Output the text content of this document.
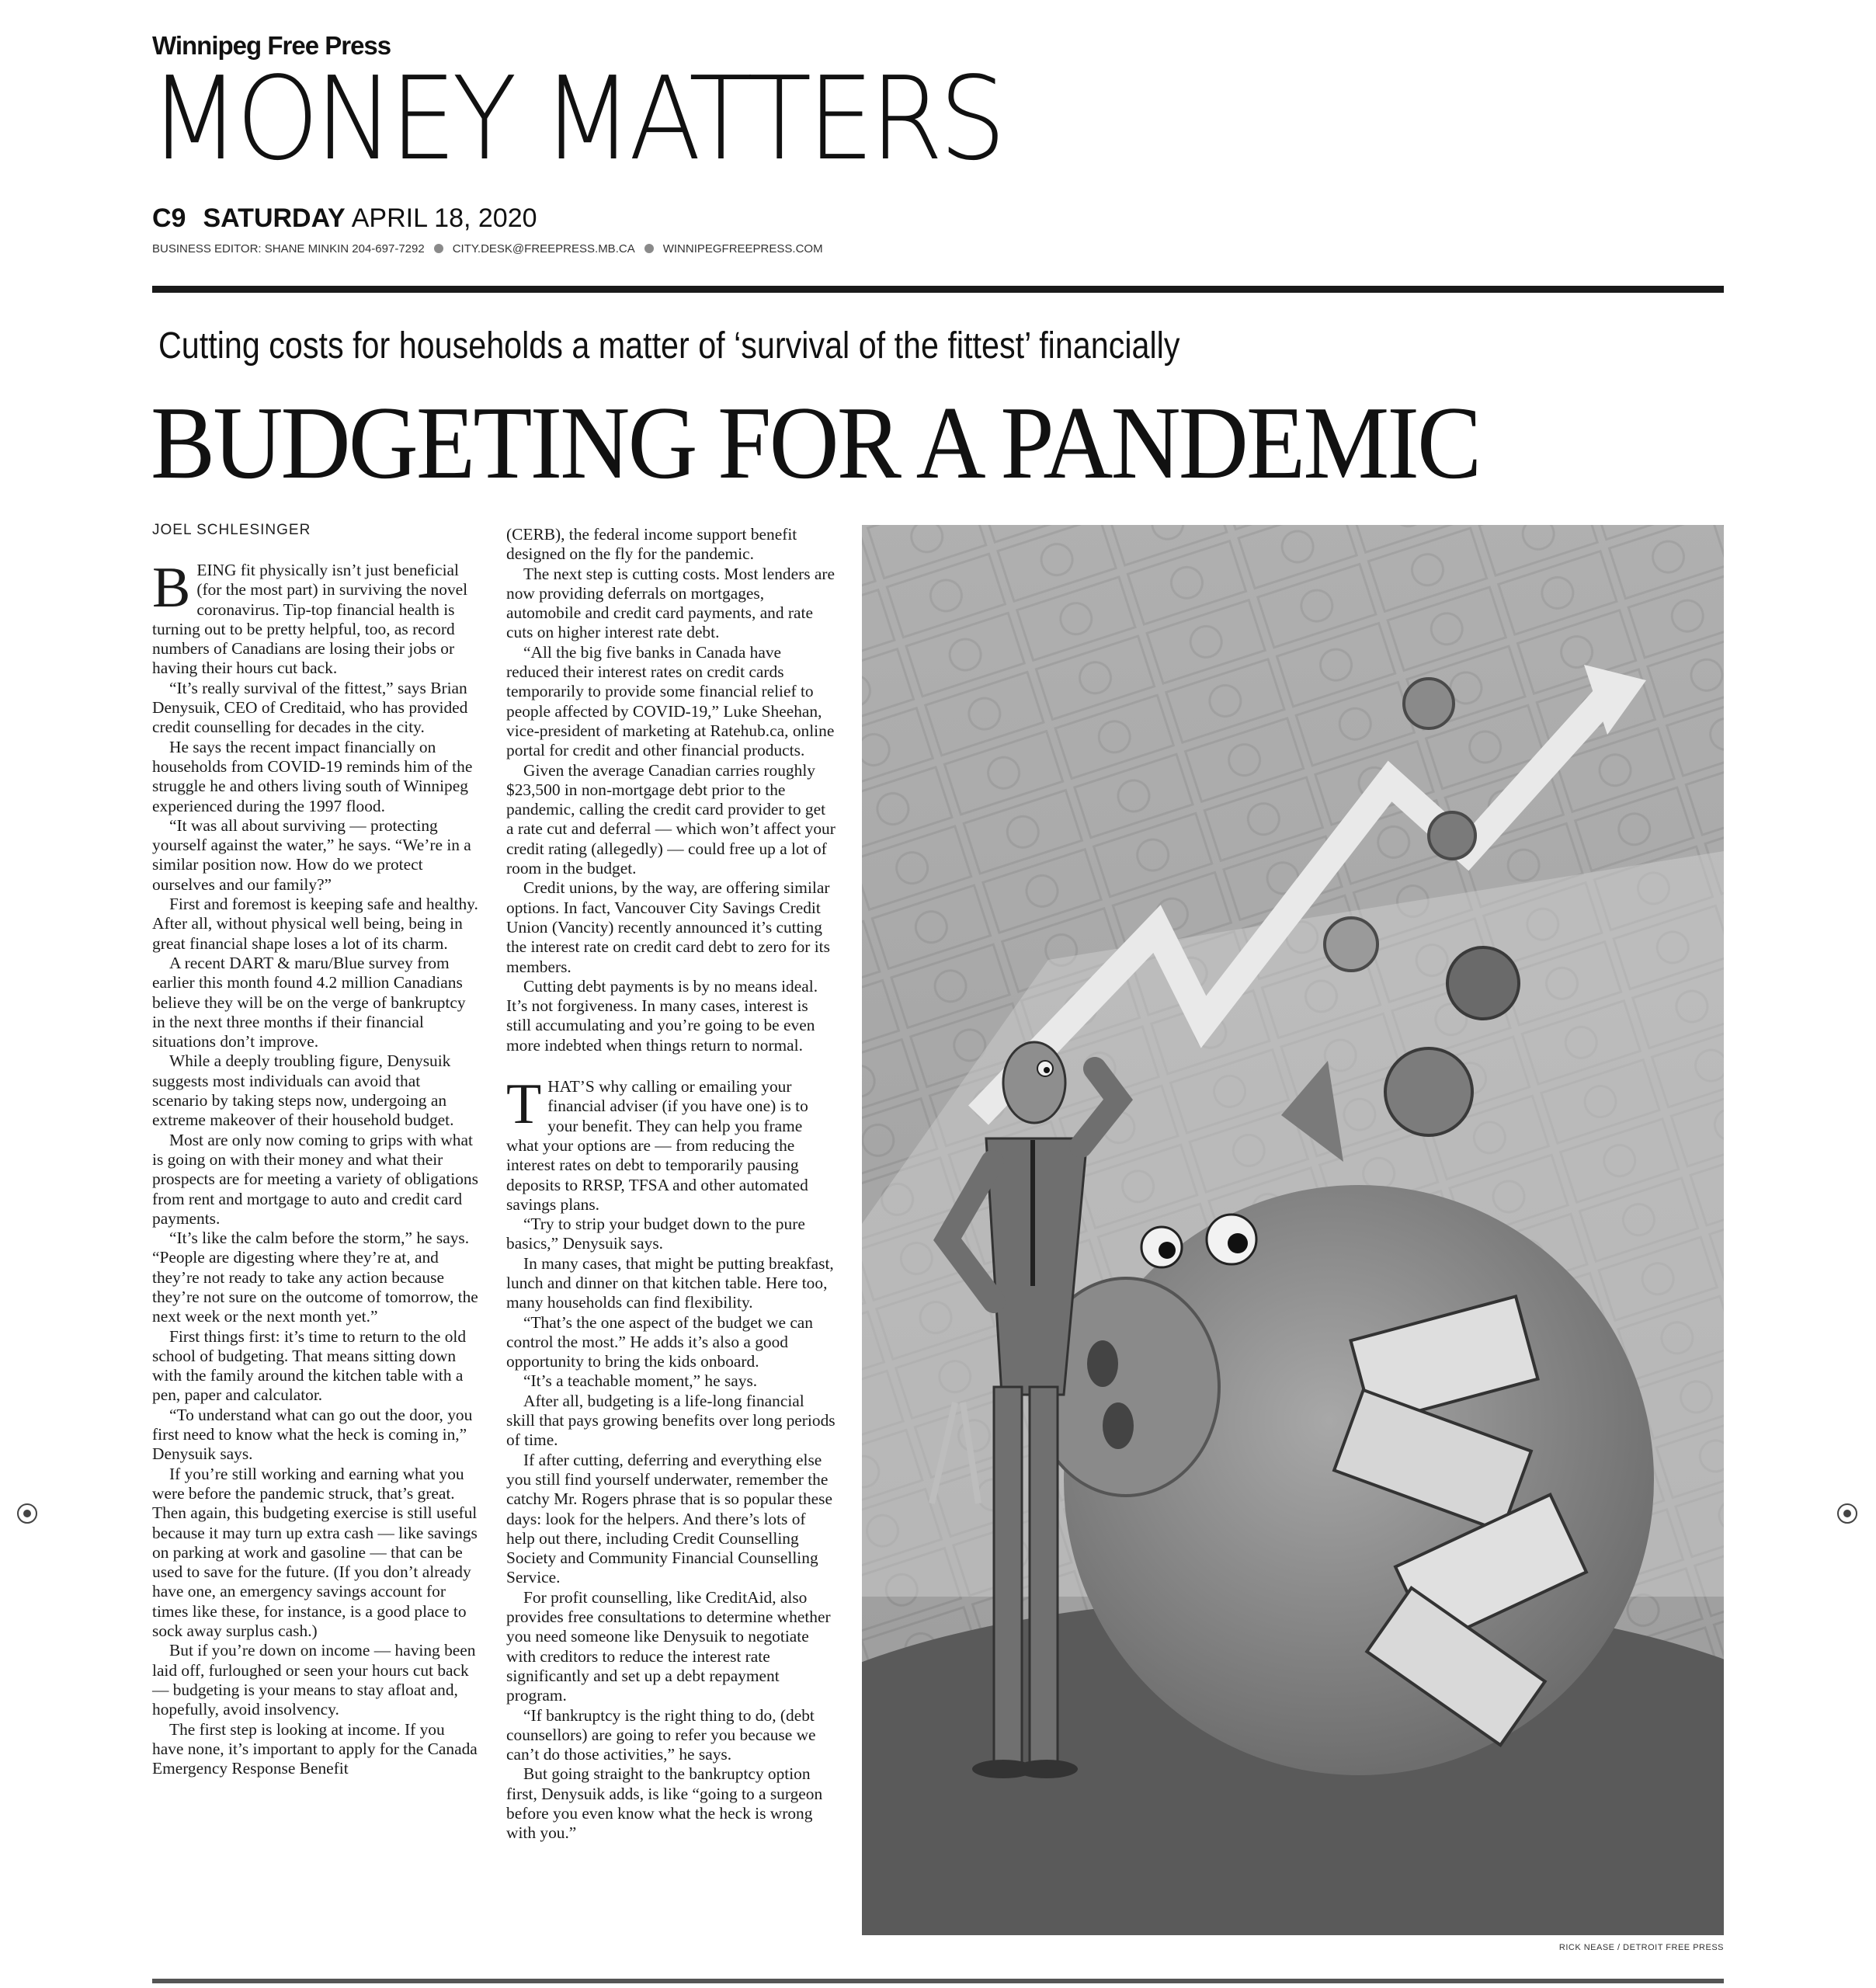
Winnipeg Free Press
MONEY MATTERS
C9 SATURDAY APRIL 18, 2020
BUSINESS EDITOR: SHANE MINKIN 204-697-7292 CITY.DESK@FREEPRESS.MB.CA WINNIPEGFREEPRESS.COM
Cutting costs for households a matter of ‘survival of the fittest’ financially
BUDGETING FOR A PANDEMIC
JOEL SCHLESINGER
B EING fit physically isn’t just beneficial (for the most part) in surviving the novel coronavirus. Tip-top financial health is turning out to be pretty helpful, too, as record numbers of Canadians are losing their jobs or having their hours cut back.

“It’s really survival of the fittest,” says Brian Denysuik, CEO of Creditaid, who has provided credit counselling for decades in the city.

He says the recent impact financially on households from COVID-19 reminds him of the struggle he and others living south of Winnipeg experienced during the 1997 flood.

“It was all about surviving — protecting yourself against the water,” he says. “We’re in a similar position now. How do we protect ourselves and our family?”

First and foremost is keeping safe and healthy. After all, without physical well being, being in great financial shape loses a lot of its charm.

A recent DART & maru/Blue survey from earlier this month found 4.2 million Canadians believe they will be on the verge of bankruptcy in the next three months if their financial situations don’t improve.

While a deeply troubling figure, Denysuik suggests most individuals can avoid that scenario by taking steps now, undergoing an extreme makeover of their household budget.

Most are only now coming to grips with what is going on with their money and what their prospects are for meeting a variety of obligations from rent and mortgage to auto and credit card payments.

“It’s like the calm before the storm,” he says. “People are digesting where they’re at, and they’re not ready to take any action because they’re not sure on the outcome of tomorrow, the next week or the next month yet.”

First things first: it’s time to return to the old school of budgeting. That means sitting down with the family around the kitchen table with a pen, paper and calculator.

“To understand what can go out the door, you first need to know what the heck is coming in,” Denysuik says.

If you’re still working and earning what you were before the pandemic struck, that’s great. Then again, this budgeting exercise is still useful because it may turn up extra cash — like savings on parking at work and gasoline — that can be used to save for the future. (If you don’t already have one, an emergency savings account for times like these, for instance, is a good place to sock away surplus cash.)

But if you’re down on income — having been laid off, furloughed or seen your hours cut back — budgeting is your means to stay afloat and, hopefully, avoid insolvency.

The first step is looking at income. If you have none, it’s important to apply for the Canada Emergency Response Benefit

(CERB), the federal income support benefit designed on the fly for the pandemic.

The next step is cutting costs. Most lenders are now providing deferrals on mortgages, automobile and credit card payments, and rate cuts on higher interest rate debt.

“All the big five banks in Canada have reduced their interest rates on credit cards temporarily to provide some financial relief to people affected by COVID-19,” Luke Sheehan, vice-president of marketing at Ratehub.ca, online portal for credit and other financial products.

Given the average Canadian carries roughly $23,500 in non-mortgage debt prior to the pandemic, calling the credit card provider to get a rate cut and deferral — which won’t affect your credit rating (allegedly) — could free up a lot of room in the budget.

Credit unions, by the way, are offering similar options. In fact, Vancouver City Savings Credit Union (Vancity) recently announced it’s cutting the interest rate on credit card debt to zero for its members.

Cutting debt payments is by no means ideal. It’s not forgiveness. In many cases, interest is still accumulating and you’re going to be even more indebted when things return to normal.

T HAT’S why calling or emailing your financial adviser (if you have one) is to your benefit. They can help you frame what your options are — from reducing the interest rates on debt to temporarily pausing deposits to RRSP, TFSA and other automated savings plans.

“Try to strip your budget down to the pure basics,” Denysuik says.

In many cases, that might be putting breakfast, lunch and dinner on that kitchen table. Here too, many households can find flexibility.

“That’s the one aspect of the budget we can control the most.” He adds it’s also a good opportunity to bring the kids onboard.

“It’s a teachable moment,” he says.

After all, budgeting is a life-long financial skill that pays growing benefits over long periods of time.

If after cutting, deferring and everything else you still find yourself underwater, remember the catchy Mr. Rogers phrase that is so popular these days: look for the helpers. And there’s lots of help out there, including Credit Counselling Society and Community Financial Counselling Service.

For profit counselling, like CreditAid, also provides free consultations to determine whether you need someone like Denysuik to negotiate with creditors to reduce the interest rate significantly and set up a debt repayment program.

“If bankruptcy is the right thing to do, (debt counsellors) are going to refer you because we can’t do those activities,” he says.

But going straight to the bankruptcy option first, Denysuik adds, is like “going to a surgeon before you even know what the heck is wrong with you.”

RICK NEASE / DETROIT FREE PRESS
